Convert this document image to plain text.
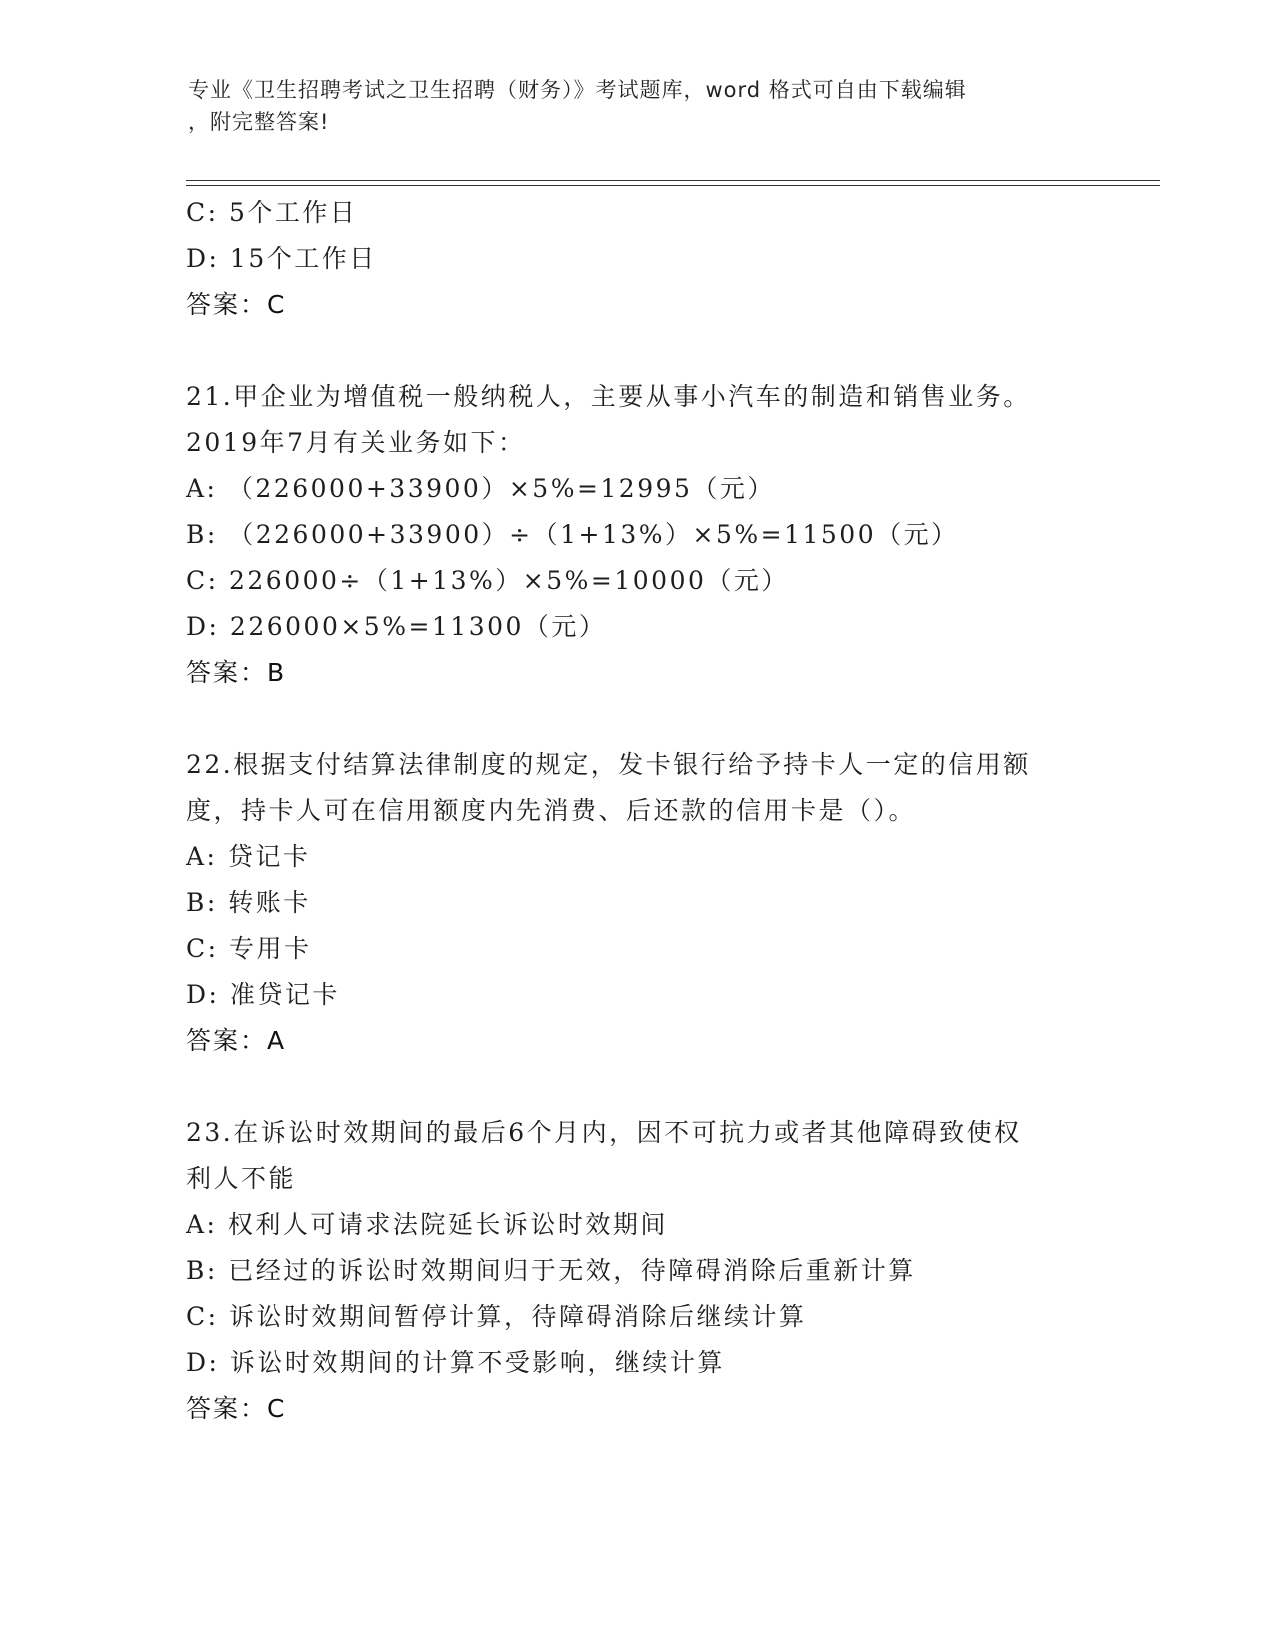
专业《卫生招聘考试之卫生招聘（财务）》考试题库，word 格式可自由下载编辑
，附完整答案!
C: 5个工作日
D: 15个工作日
答案：C
21.甲企业为增值税一般纳税人，主要从事小汽车的制造和销售业务。
2019年7月有关业务如下：
A: （226000+33900）×5%=12995（元）
B: （226000+33900）÷（1+13%）×5%=11500（元）
C: 226000÷（1+13%）×5%=10000（元）
D: 226000×5%=11300（元）
答案：B
22.根据支付结算法律制度的规定，发卡银行给予持卡人一定的信用额
度，持卡人可在信用额度内先消费、后还款的信用卡是（）。
A: 贷记卡
B: 转账卡
C: 专用卡
D: 准贷记卡
答案：A
23.在诉讼时效期间的最后6个月内，因不可抗力或者其他障碍致使权
利人不能
A: 权利人可请求法院延长诉讼时效期间
B: 已经过的诉讼时效期间归于无效，待障碍消除后重新计算
C: 诉讼时效期间暂停计算，待障碍消除后继续计算
D: 诉讼时效期间的计算不受影响，继续计算
答案：C
